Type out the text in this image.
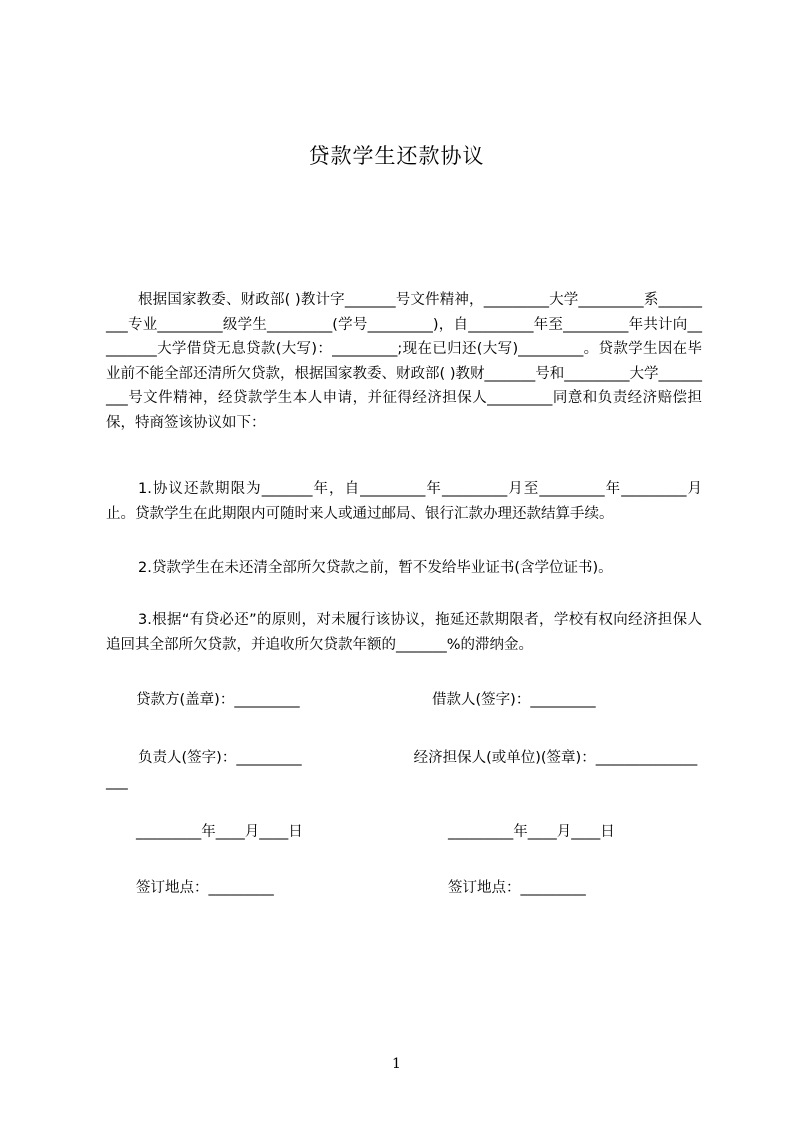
贷款学生还款协议
根据国家教委、财政部( )教计字_______号文件精神，_________大学_________系_________专业_________级学生_________(学号_________)，自_________年至_________年共计向_________大学借贷无息贷款(大写)：_________;现在已归还(大写)_________。贷款学生因在毕业前不能全部还清所欠贷款，根据国家教委、财政部( )教财_______号和_________大学_________号文件精神，经贷款学生本人申请，并征得经济担保人_________同意和负责经济赔偿担保，特商签该协议如下：
1.协议还款期限为_______年，自_________年_________月至_________年_________月止。贷款学生在此期限内可随时来人或通过邮局、银行汇款办理还款结算手续。
2.贷款学生在未还清全部所欠贷款之前，暂不发给毕业证书(含学位证书)。
3.根据“有贷必还”的原则，对未履行该协议，拖延还款期限者，学校有权向经济担保人追回其全部所欠贷款，并追收所欠贷款年额的_______%的滞纳金。
贷款方(盖章)：_________	借款人(签字)：_________
负责人(签字)：_________	经济担保人(或单位)(签章)：_________________
_________年____月____日	_________年____月____日
签订地点：_________	签订地点：_________
1
